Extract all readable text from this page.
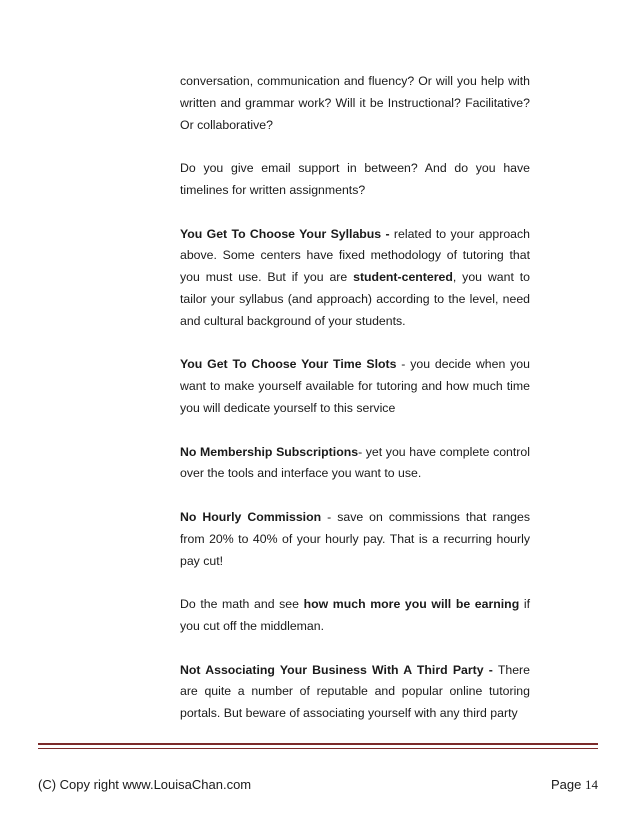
conversation, communication and fluency? Or will you help with written and grammar work? Will it be Instructional? Facilitative? Or collaborative?

Do you give email support in between? And do you have timelines for written assignments?

You Get To Choose Your Syllabus - related to your approach above. Some centers have fixed methodology of tutoring that you must use. But if you are student-centered, you want to tailor your syllabus (and approach) according to the level, need and cultural background of your students.

You Get To Choose Your Time Slots - you decide when you want to make yourself available for tutoring and how much time you will dedicate yourself to this service

No Membership Subscriptions- yet you have complete control over the tools and interface you want to use.

No Hourly Commission - save on commissions that ranges from 20% to 40% of your hourly pay. That is a recurring hourly pay cut!

Do the math and see how much more you will be earning if you cut off the middleman.

Not Associating Your Business With A Third Party - There are quite a number of reputable and popular online tutoring portals. But beware of associating yourself with any third party

(C) Copy right www.LouisaChan.com	Page 14
